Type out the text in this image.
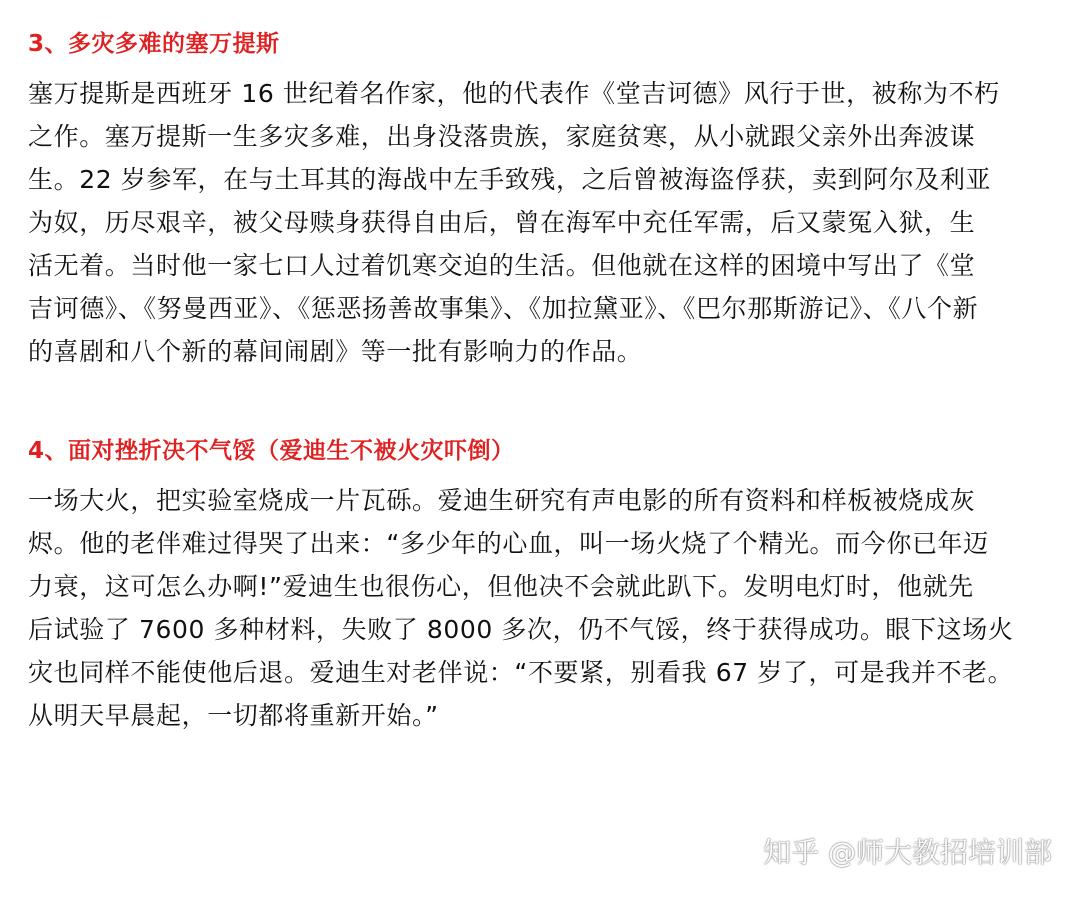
3、多灾多难的塞万提斯
塞万提斯是西班牙 16 世纪着名作家，他的代表作《堂吉诃德》风行于世，被称为不朽
之作。塞万提斯一生多灾多难，出身没落贵族，家庭贫寒，从小就跟父亲外出奔波谋
生。22 岁参军，在与土耳其的海战中左手致残，之后曾被海盗俘获，卖到阿尔及利亚
为奴，历尽艰辛，被父母赎身获得自由后，曾在海军中充任军需，后又蒙冤入狱，生
活无着。当时他一家七口人过着饥寒交迫的生活。但他就在这样的困境中写出了《堂
吉诃德》、《努曼西亚》、《惩恶扬善故事集》、《加拉黛亚》、《巴尔那斯游记》、《八个新
的喜剧和八个新的幕间闹剧》等一批有影响力的作品。
4、面对挫折决不气馁（爱迪生不被火灾吓倒）
一场大火，把实验室烧成一片瓦砾。爱迪生研究有声电影的所有资料和样板被烧成灰
烬。他的老伴难过得哭了出来：“多少年的心血，叫一场火烧了个精光。而今你已年迈
力衰，这可怎么办啊!”爱迪生也很伤心，但他决不会就此趴下。发明电灯时，他就先
后试验了 7600 多种材料，失败了 8000 多次，仍不气馁，终于获得成功。眼下这场火
灾也同样不能使他后退。爱迪生对老伴说：“不要紧，别看我 67 岁了，可是我并不老。
从明天早晨起，一切都将重新开始。”
知乎 @师大教招培训部
